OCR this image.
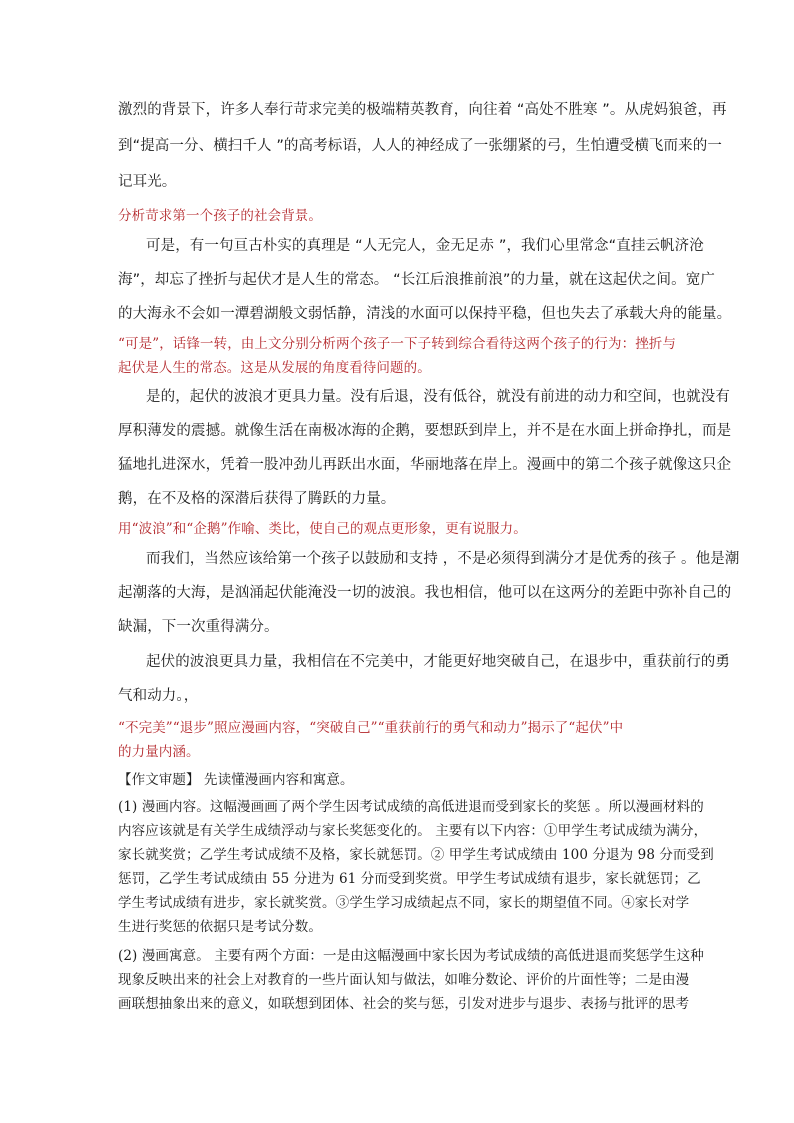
激烈的背景下，许多人奉行苛求完美的极端精英教育，向往着 “高处不胜寒 ”。从虎妈狼爸，再
到“提高一分、横扫千人 ”的高考标语，人人的神经成了一张绷紧的弓，生怕遭受横飞而来的一
记耳光。
分析苛求第一个孩子的社会背景。
可是，有一句亘古朴实的真理是 “人无完人，金无足赤 ”，我们心里常念“直挂云帆济沧
海”，却忘了挫折与起伏才是人生的常态。 “长江后浪推前浪”的力量，就在这起伏之间。宽广
的大海永不会如一潭碧湖般文弱恬静，清浅的水面可以保持平稳，但也失去了承载大舟的能量。
“可是”，话锋一转，由上文分别分析两个孩子一下子转到综合看待这两个孩子的行为：挫折与
起伏是人生的常态。这是从发展的角度看待问题的。
是的，起伏的波浪才更具力量。没有后退，没有低谷，就没有前进的动力和空间，也就没有
厚积薄发的震撼。就像生活在南极冰海的企鹅，要想跃到岸上，并不是在水面上拼命挣扎，而是
猛地扎进深水，凭着一股冲劲儿再跃出水面，华丽地落在岸上。漫画中的第二个孩子就像这只企
鹅，在不及格的深潜后获得了腾跃的力量。
用“波浪”和“企鹅”作喻、类比，使自己的观点更形象，更有说服力。
而我们，当然应该给第一个孩子以鼓励和支持 ，不是必须得到满分才是优秀的孩子 。他是潮
起潮落的大海，是汹涌起伏能淹没一切的波浪。我也相信，他可以在这两分的差距中弥补自己的
缺漏，下一次重得满分。
起伏的波浪更具力量，我相信在不完美中，才能更好地突破自己，在退步中，重获前行的勇
气和动力。，
“不完美”“退步”照应漫画内容，“突破自己”“重获前行的勇气和动力”揭示了“起伏”中
的力量内涵。
【作文审题】 先读懂漫画内容和寓意。
(1) 漫画内容。这幅漫画画了两个学生因考试成绩的高低进退而受到家长的奖惩 。所以漫画材料的
内容应该就是有关学生成绩浮动与家长奖惩变化的。 主要有以下内容：①甲学生考试成绩为满分，
家长就奖赏；乙学生考试成绩不及格，家长就惩罚。② 甲学生考试成绩由 100 分退为 98 分而受到
惩罚，乙学生考试成绩由 55 分进为 61 分而受到奖赏。甲学生考试成绩有退步，家长就惩罚；乙
学生考试成绩有进步，家长就奖赏。③学生学习成绩起点不同，家长的期望值不同。④家长对学
生进行奖惩的依据只是考试分数。
(2) 漫画寓意。 主要有两个方面：一是由这幅漫画中家长因为考试成绩的高低进退而奖惩学生这种
现象反映出来的社会上对教育的一些片面认知与做法，如唯分数论、评价的片面性等；二是由漫
画联想抽象出来的意义，如联想到团体、社会的奖与惩，引发对进步与退步、表扬与批评的思考
